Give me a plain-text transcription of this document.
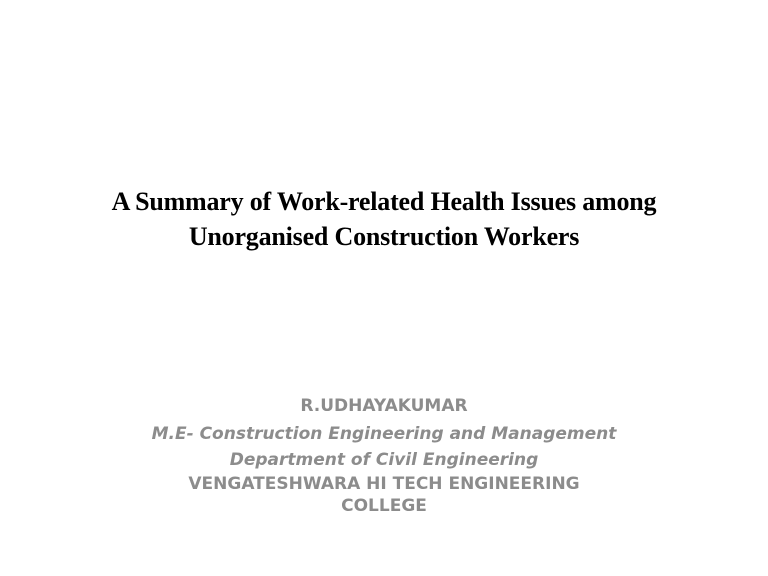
A Summary of Work-related Health Issues among
Unorganised Construction Workers
R.UDHAYAKUMAR
M.E- Construction Engineering and Management
Department of Civil Engineering
VENGATESHWARA HI TECH ENGINEERING
COLLEGE
